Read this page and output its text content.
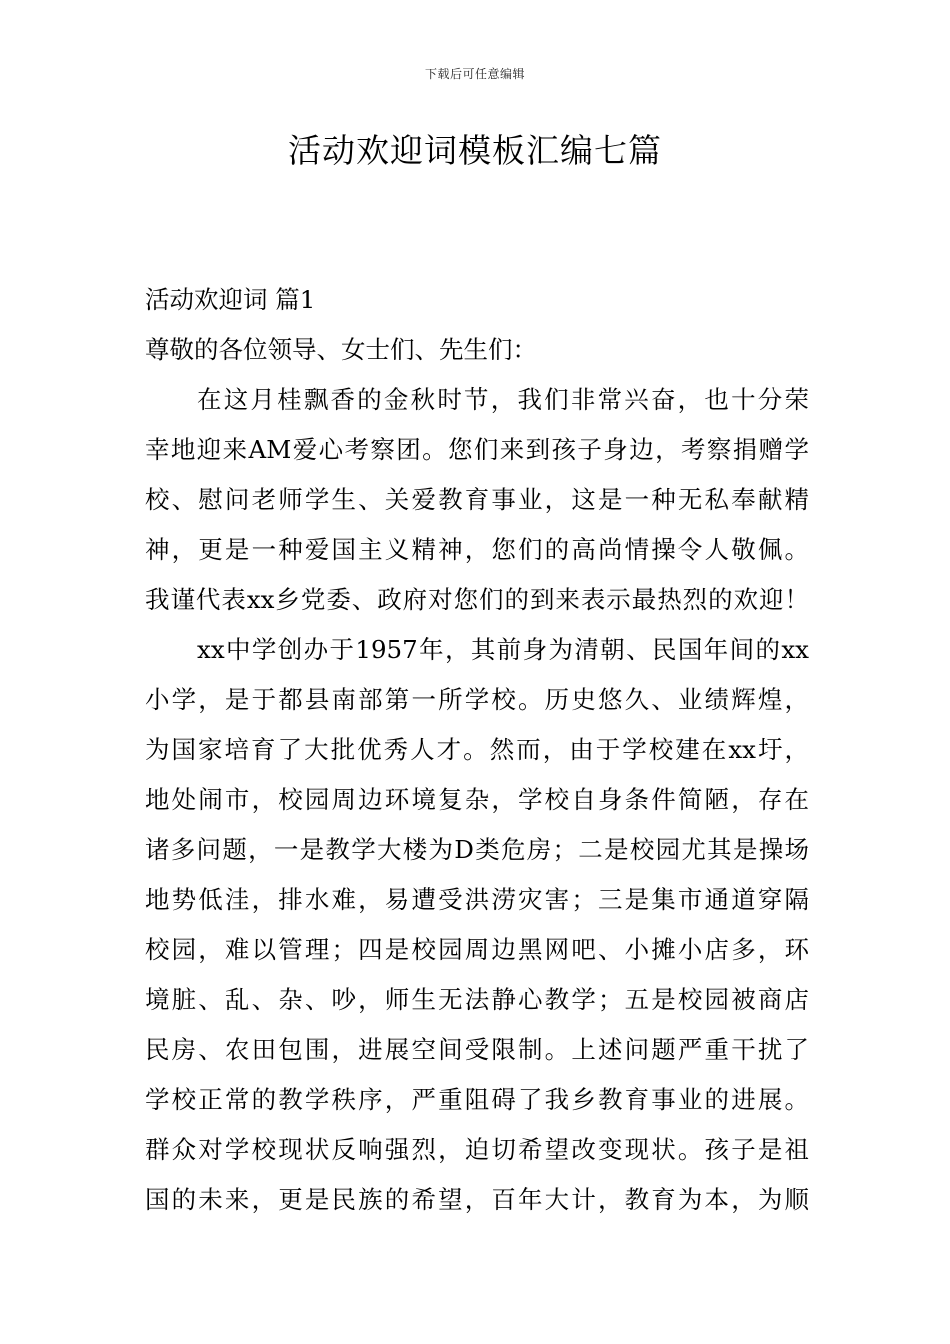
下载后可任意编辑
活动欢迎词模板汇编七篇
活动欢迎词 篇1
尊敬的各位领导、女士们、先生们：
在这月桂飘香的金秋时节，我们非常兴奋，也十分荣
幸地迎来AM爱心考察团。您们来到孩子身边，考察捐赠学
校、慰问老师学生、关爱教育事业，这是一种无私奉献精
神，更是一种爱国主义精神，您们的高尚情操令人敬佩。
我谨代表xx乡党委、政府对您们的到来表示最热烈的欢迎！
xx中学创办于1957年，其前身为清朝、民国年间的xx
小学，是于都县南部第一所学校。历史悠久、业绩辉煌，
为国家培育了大批优秀人才。然而，由于学校建在xx圩，
地处闹市，校园周边环境复杂，学校自身条件简陋，存在
诸多问题，一是教学大楼为D类危房；二是校园尤其是操场
地势低洼，排水难，易遭受洪涝灾害；三是集市通道穿隔
校园，难以管理；四是校园周边黑网吧、小摊小店多，环
境脏、乱、杂、吵，师生无法静心教学；五是校园被商店
民房、农田包围，进展空间受限制。上述问题严重干扰了
学校正常的教学秩序，严重阻碍了我乡教育事业的进展。
群众对学校现状反响强烈，迫切希望改变现状。孩子是祖
国的未来，更是民族的希望，百年大计，教育为本，为顺
